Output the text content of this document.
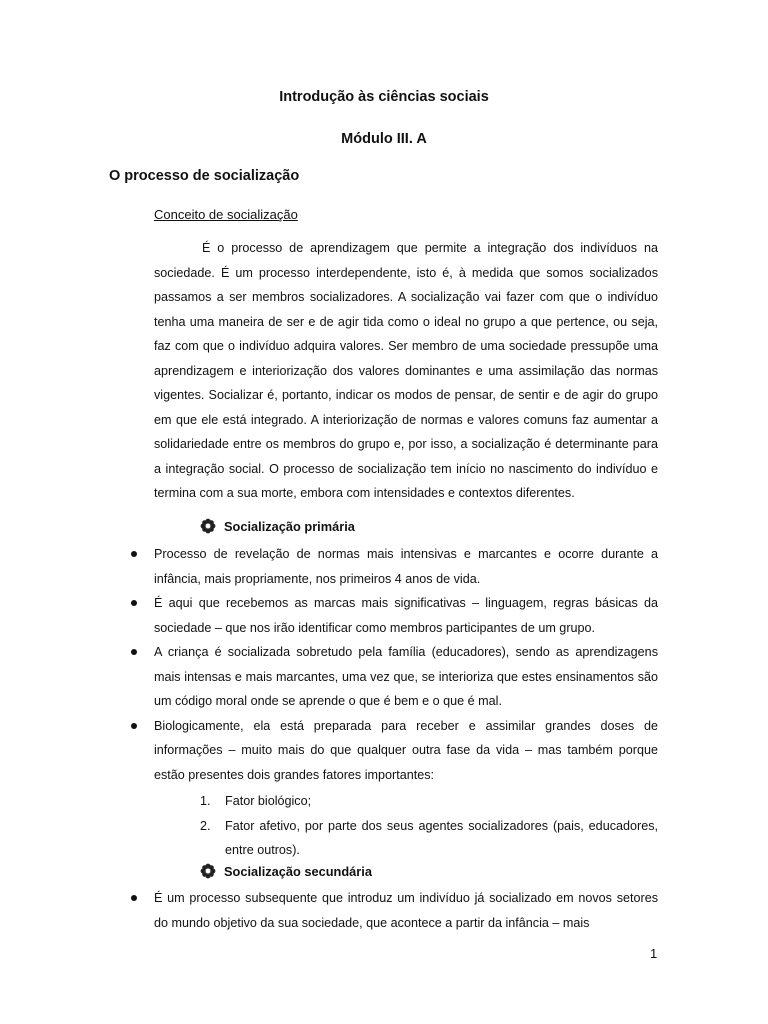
Introdução às ciências sociais
Módulo III. A
O processo de socialização
Conceito de socialização

É o processo de aprendizagem que permite a integração dos indivíduos na sociedade. É um processo interdependente, isto é, à medida que somos socializados passamos a ser membros socializadores. A socialização vai fazer com que o indivíduo tenha uma maneira de ser e de agir tida como o ideal no grupo a que pertence, ou seja, faz com que o indivíduo adquira valores. Ser membro de uma sociedade pressupõe uma aprendizagem e interiorização dos valores dominantes e uma assimilação das normas vigentes. Socializar é, portanto, indicar os modos de pensar, de sentir e de agir do grupo em que ele está integrado. A interiorização de normas e valores comuns faz aumentar a solidariedade entre os membros do grupo e, por isso, a socialização é determinante para a integração social. O processo de socialização tem início no nascimento do indivíduo e termina com a sua morte, embora com intensidades e contextos diferentes.

Socialização primária
Processo de revelação de normas mais intensivas e marcantes e ocorre durante a infância, mais propriamente, nos primeiros 4 anos de vida.
É aqui que recebemos as marcas mais significativas – linguagem, regras básicas da sociedade – que nos irão identificar como membros participantes de um grupo.
A criança é socializada sobretudo pela família (educadores), sendo as aprendizagens mais intensas e mais marcantes, uma vez que, se interioriza que estes ensinamentos são um código moral onde se aprende o que é bem e o que é mal.
Biologicamente, ela está preparada para receber e assimilar grandes doses de informações – muito mais do que qualquer outra fase da vida – mas também porque estão presentes dois grandes fatores importantes:
1. Fator biológico;
2. Fator afetivo, por parte dos seus agentes socializadores (pais, educadores, entre outros).
Socialização secundária
É um processo subsequente que introduz um indivíduo já socializado em novos setores do mundo objetivo da sua sociedade, que acontece a partir da infância – mais
1
